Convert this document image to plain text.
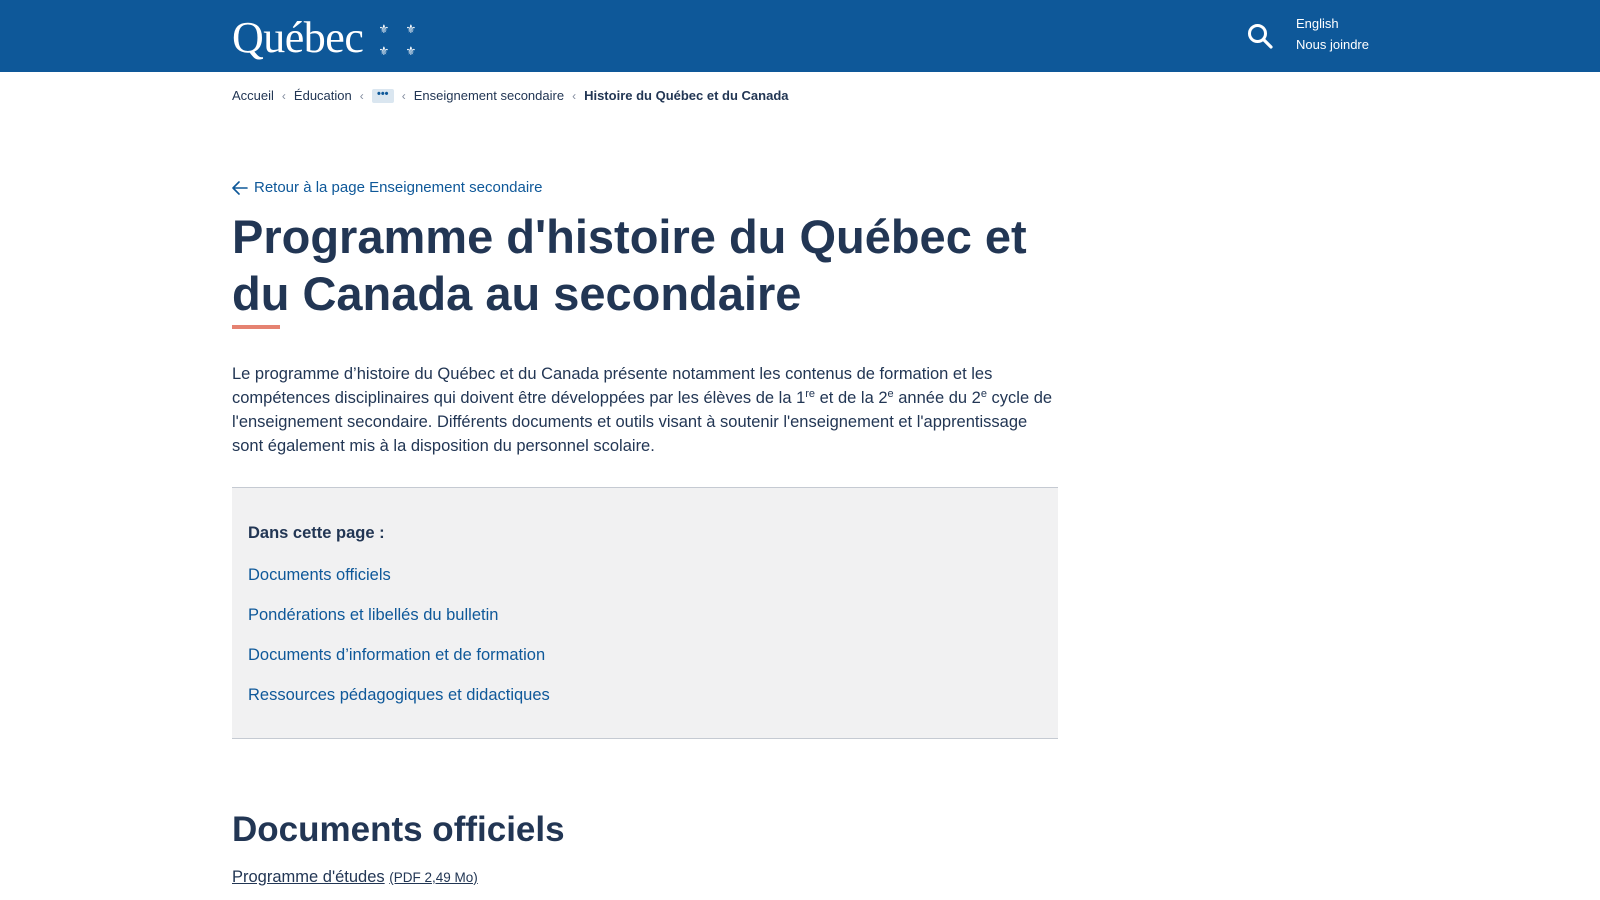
Québec	⚜	⚜
⚜	⚜
English
Nous joindre
Accueil ‹ Éducation ‹	•••	‹ Enseignement secondaire ‹ Histoire du Québec et du Canada
Retour à la page Enseignement secondaire
Programme d'histoire du Québec et du Canada au secondaire

Le programme d’histoire du Québec et du Canada présente notamment les contenus de formation et les compétences disciplinaires qui doivent être développées par les élèves de la 1re et de la 2e année du 2e cycle de l'enseignement secondaire. Différents documents et outils visant à soutenir l'enseignement et l'apprentissage sont également mis à la disposition du personnel scolaire.

Dans cette page :
Documents officiels
Pondérations et libellés du bulletin
Documents d’information et de formation
Ressources pédagogiques et didactiques
Documents officiels

Programme d'études (PDF 2,49 Mo)
